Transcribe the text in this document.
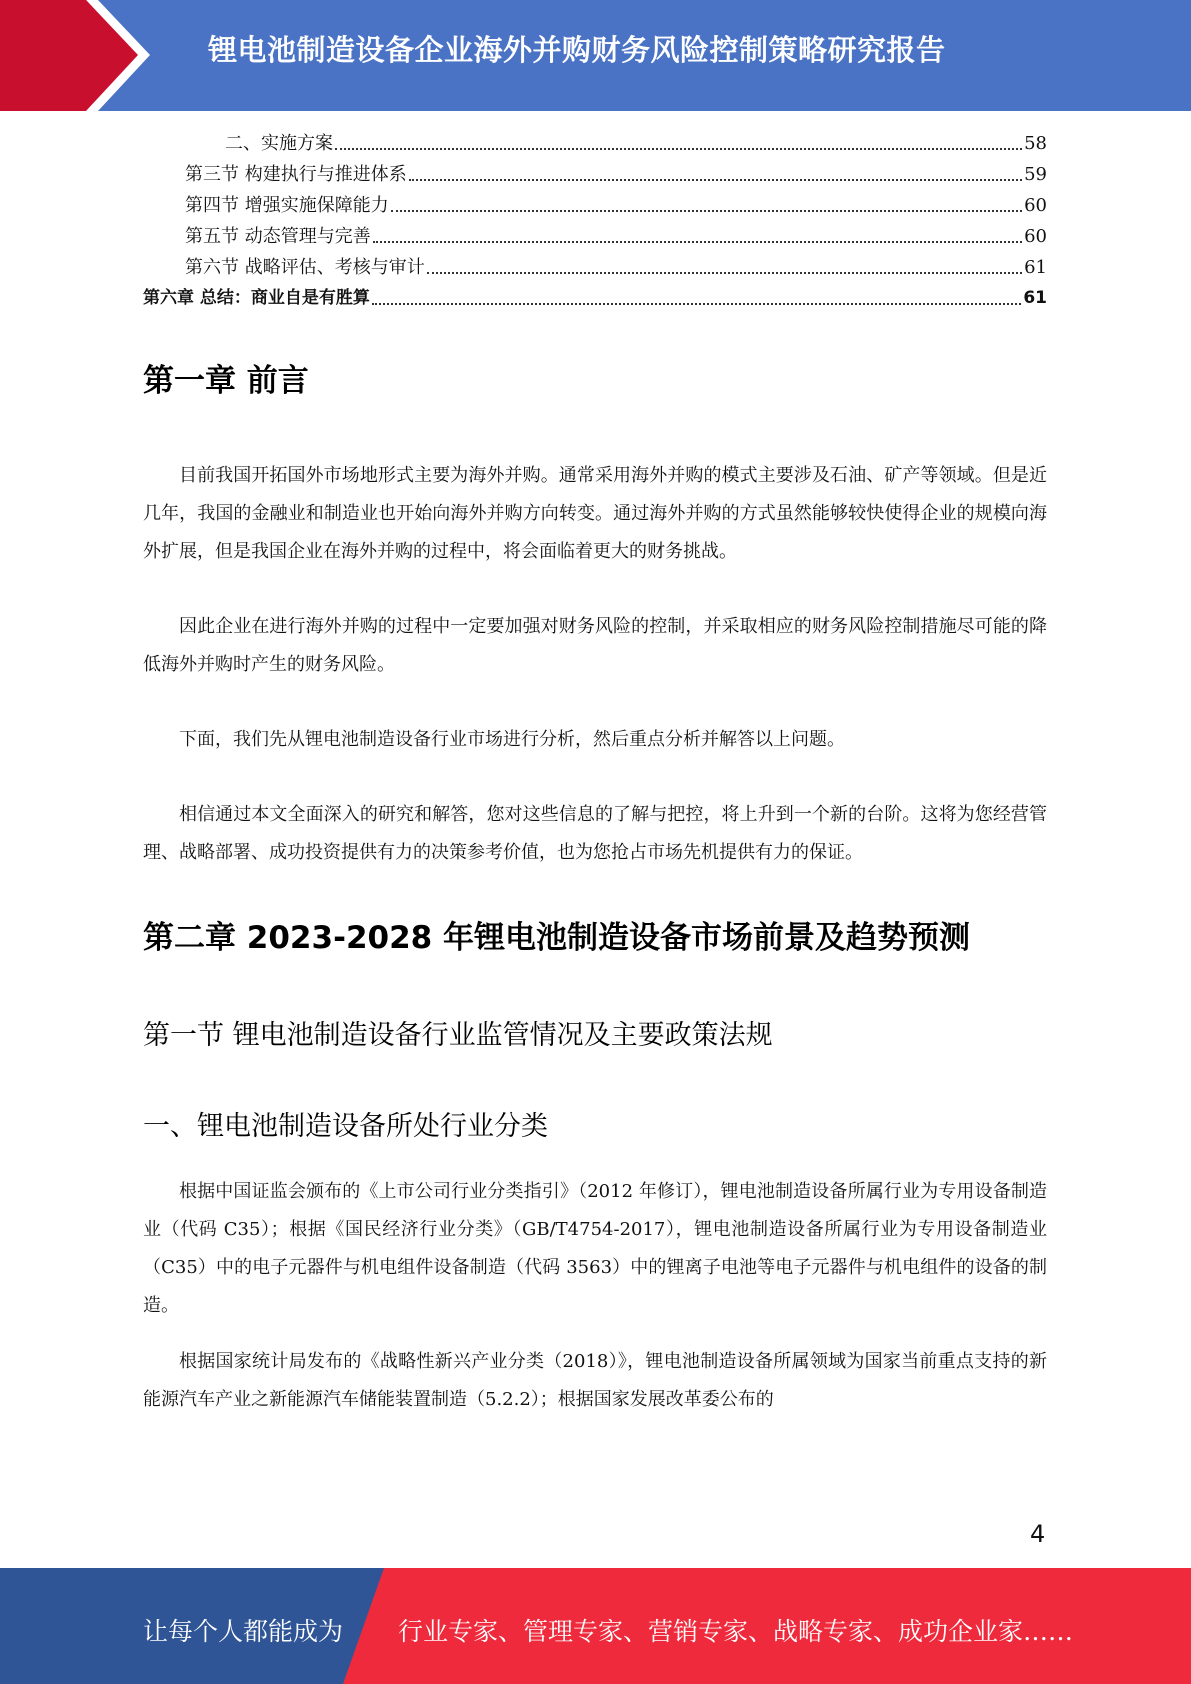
锂电池制造设备企业海外并购财务风险控制策略研究报告
二、实施方案	58
第三节 构建执行与推进体系	59
第四节 增强实施保障能力	60
第五节 动态管理与完善	60
第六节 战略评估、考核与审计	61
第六章 总结：商业自是有胜算	61
第一章 前言

目前我国开拓国外市场地形式主要为海外并购。通常采用海外并购的模式主要涉及石油、矿产等领域。但是近几年，我国的金融业和制造业也开始向海外并购方向转变。通过海外并购的方式虽然能够较快使得企业的规模向海外扩展，但是我国企业在海外并购的过程中，将会面临着更大的财务挑战。

因此企业在进行海外并购的过程中一定要加强对财务风险的控制，并采取相应的财务风险控制措施尽可能的降低海外并购时产生的财务风险。

下面，我们先从锂电池制造设备行业市场进行分析，然后重点分析并解答以上问题。

相信通过本文全面深入的研究和解答，您对这些信息的了解与把控，将上升到一个新的台阶。这将为您经营管理、战略部署、成功投资提供有力的决策参考价值，也为您抢占市场先机提供有力的保证。

第二章 2023-2028 年锂电池制造设备市场前景及趋势预测
第一节 锂电池制造设备行业监管情况及主要政策法规
一、锂电池制造设备所处行业分类

根据中国证监会颁布的《上市公司行业分类指引》（2012 年修订），锂电池制造设备所属行业为专用设备制造业（代码 C35）；根据《国民经济行业分类》（GB/T4754-2017），锂电池制造设备所属行业为专用设备制造业（C35）中的电子元器件与机电组件设备制造（代码 3563）中的锂离子电池等电子元器件与机电组件的设备的制造。

根据国家统计局发布的《战略性新兴产业分类（2018）》，锂电池制造设备所属领域为国家当前重点支持的新能源汽车产业之新能源汽车储能装置制造（5.2.2）；根据国家发展改革委公布的

4
让每个人都能成为 行业专家、管理专家、营销专家、战略专家、成功企业家……
